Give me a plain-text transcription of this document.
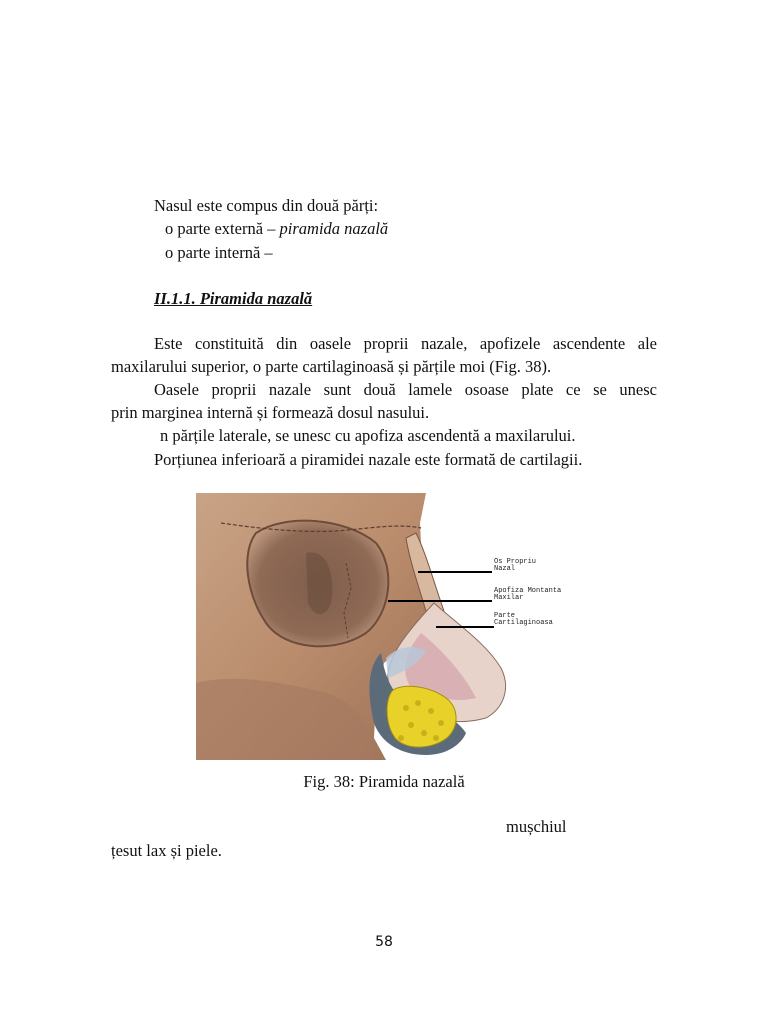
Nasul este compus din două părți:
o parte externă – piramida nazală
o parte internă –
II.1.1. Piramida nazală
Este constituită din oasele proprii nazale, apofizele ascendente ale
maxilarului superior, o parte cartilaginoasă și părțile moi (Fig. 38).
Oasele proprii nazale sunt două lamele osoase plate ce se unesc
prin marginea internă și formează dosul nasului.
n părțile laterale, se unesc cu apofiza ascendentă a maxilarului.
Porțiunea inferioară a piramidei nazale este formată de cartilagii.
Os Propriu
Nazal
Apofiza Montanta
Maxilar
Parte
Cartilaginoasa
Fig. 38: Piramida nazală
mușchiul
țesut lax și piele.
58
